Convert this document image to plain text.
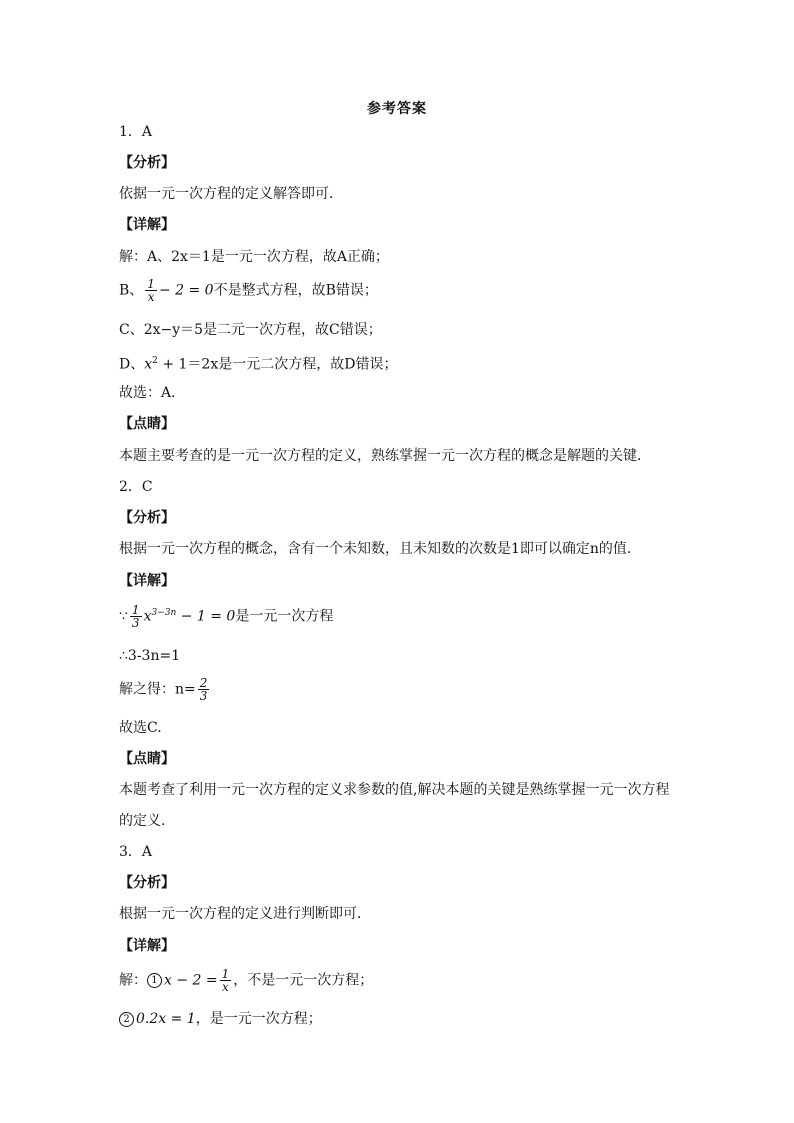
参考答案
1．A
【分析】
依据一元一次方程的定义解答即可．
【详解】
解：A、2x＝1是一元一次方程，故A正确；
B、 $\frac{1}{x} - 2 = 0$不是整式方程，故B错误；
C、2x−y＝5是二元一次方程，故C错误；
D、$x^2 + 1=2x$是一元二次方程，故D错误；
故选：A．
【点睛】
本题主要考查的是一元一次方程的定义，熟练掌握一元一次方程的概念是解题的关键．
2．C
【分析】
根据一元一次方程的概念，含有一个未知数，且未知数的次数是1即可以确定n的值.
【详解】
∵ $\frac{1}{3} x^{3-3n} - 1 = 0$是一元一次方程
∴3-3n=1
解之得：$n= \frac{2}{3}$
故选C.
【点睛】
本题考查了利用一元一次方程的定义求参数的值,解决本题的关键是熟练掌握一元一次方程
的定义.
3．A
【分析】
根据一元一次方程的定义进行判断即可．
【详解】
解： 1 $x - 2 = \frac{1}{x}$ ，不是一元一次方程；
2 0.2x = 1，是一元一次方程；
